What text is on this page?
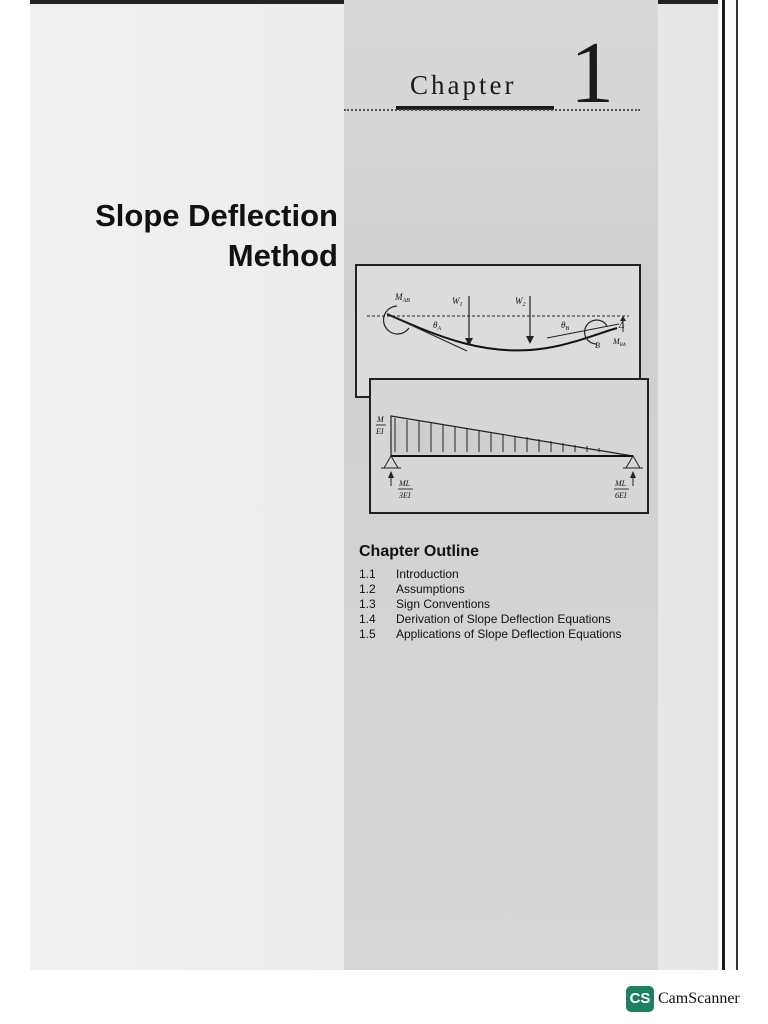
Chapter 1
Slope Deflection
Method
$M_{AB}$	$W_1$	$W_2$
$\theta_A$	$\theta_B$
B
Δ
$M_{BA}$
M
EI
ML
3EI
ML
6EI
Chapter Outline
1.1 Introduction
1.2 Assumptions
1.3 Sign Conventions
1.4 Derivation of Slope Deflection Equations
1.5 Applications of Slope Deflection Equations
CS CamScanner
